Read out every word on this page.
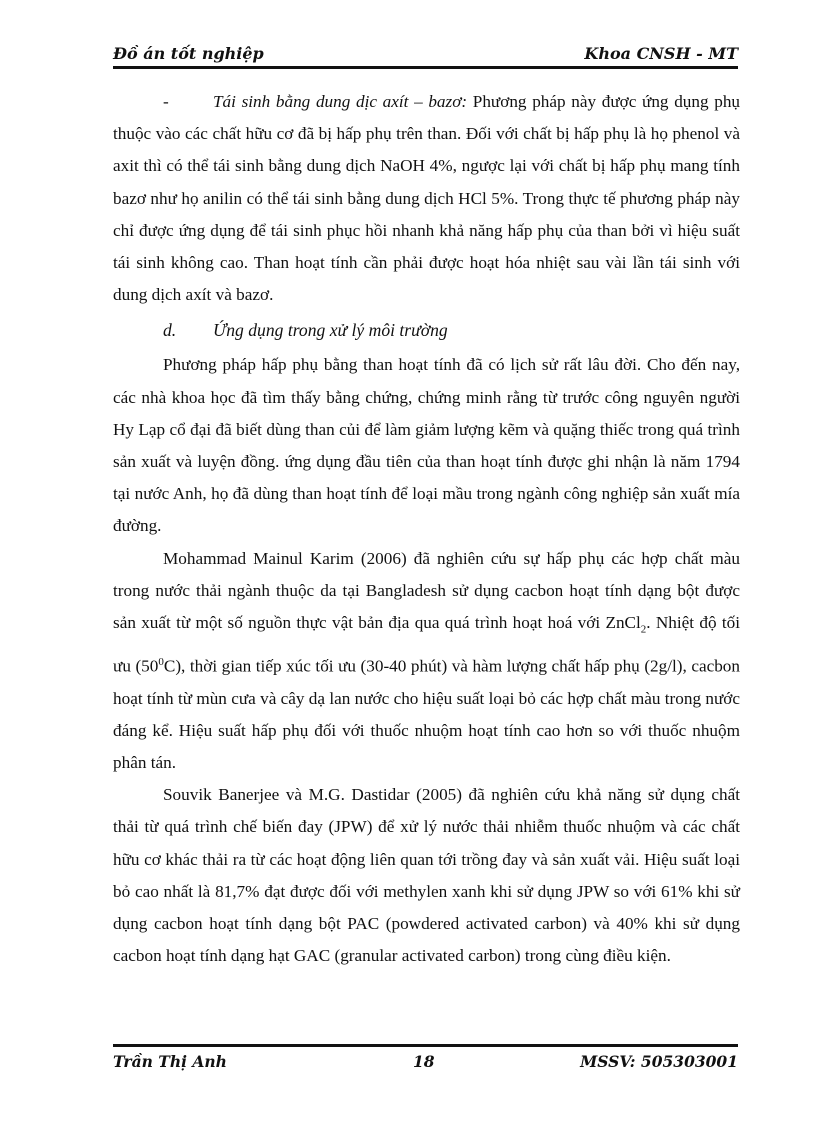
Đồ án tốt nghiệp	Khoa CNSH - MT

-	Tái sinh bằng dung dịc axít – bazơ: Phương pháp này được ứng dụng phụ thuộc vào các chất hữu cơ đã bị hấp phụ trên than. Đối với chất bị hấp phụ là họ phenol và axit thì có thể tái sinh bằng dung dịch NaOH 4%, ngược lại với chất bị hấp phụ mang tính bazơ như họ anilin có thể tái sinh bằng dung dịch HCl 5%. Trong thực tế phương pháp này chỉ được ứng dụng để tái sinh phục hồi nhanh khả năng hấp phụ của than bởi vì hiệu suất tái sinh không cao. Than hoạt tính cần phải được hoạt hóa nhiệt sau vài lần tái sinh với dung dịch axít và bazơ.

d. Ứng dụng trong xử lý môi trường

Phương pháp hấp phụ bằng than hoạt tính đã có lịch sử rất lâu đời. Cho đến nay, các nhà khoa học đã tìm thấy bằng chứng, chứng minh rằng từ trước công nguyên người Hy Lạp cổ đại đã biết dùng than củi để làm giảm lượng kẽm và quặng thiếc trong quá trình sản xuất và luyện đồng. ứng dụng đầu tiên của than hoạt tính được ghi nhận là năm 1794 tại nước Anh, họ đã dùng than hoạt tính để loại mầu trong ngành công nghiệp sản xuất mía đường.

Mohammad Mainul Karim (2006) đã nghiên cứu sự hấp phụ các hợp chất màu trong nước thải ngành thuộc da tại Bangladesh sử dụng cacbon hoạt tính dạng bột được sản xuất từ một số nguồn thực vật bản địa qua quá trình hoạt hoá với ZnCl$_2$. Nhiệt độ tối ưu $(50^0C)$, thời gian tiếp xúc tối ưu (30-40 phút) và hàm lượng chất hấp phụ (2g/l), cacbon hoạt tính từ mùn cưa và cây dạ lan nước cho hiệu suất loại bỏ các hợp chất màu trong nước đáng kể. Hiệu suất hấp phụ đối với thuốc nhuộm hoạt tính cao hơn so với thuốc nhuộm phân tán.

Souvik Banerjee và M.G. Dastidar (2005) đã nghiên cứu khả năng sử dụng chất thải từ quá trình chế biến đay (JPW) để xử lý nước thải nhiễm thuốc nhuộm và các chất hữu cơ khác thải ra từ các hoạt động liên quan tới trồng đay và sản xuất vải. Hiệu suất loại bỏ cao nhất là 81,7% đạt được đối với methylen xanh khi sử dụng JPW so với 61% khi sử dụng cacbon hoạt tính dạng bột PAC (powdered activated carbon) và 40% khi sử dụng cacbon hoạt tính dạng hạt GAC (granular activated carbon) trong cùng điều kiện.

Trần Thị Anh	18	MSSV: 505303001
